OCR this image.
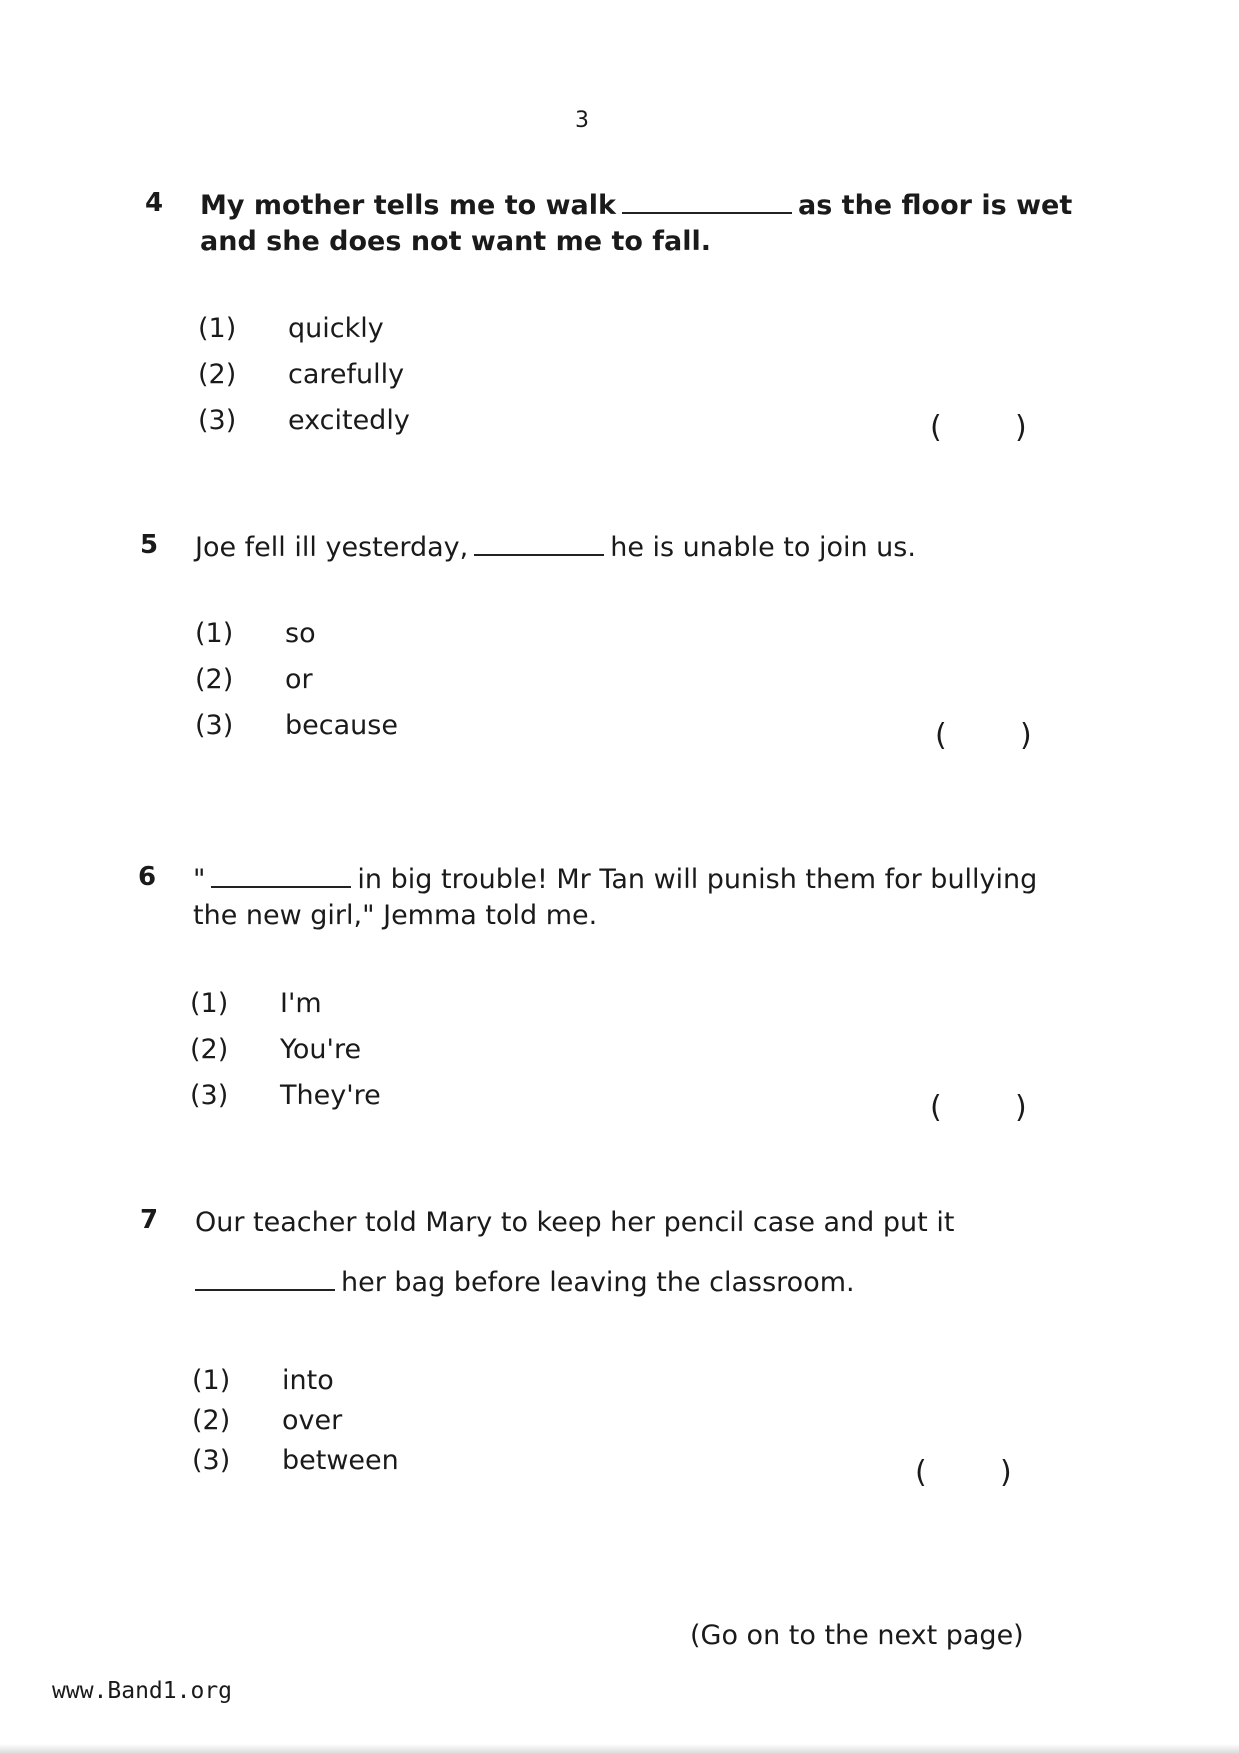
3
4 My mother tells me to walk	as the floor is wet and she does not want me to fall.
(1) quickly
(2) carefully
(3) excitedly	( )
5 Joe fell ill yesterday,	he is unable to join us.
(1) so
(2) or
(3) because	( )
6 "	in big trouble! Mr Tan will punish them for bullying the new girl," Jemma told me.
(1) I'm
(2) You're
(3) They're	( )
7 Our teacher told Mary to keep her pencil case and put it
her bag before leaving the classroom.
(1) into
(2) over
(3) between	( )
(Go on to the next page)
www.Band1.org
